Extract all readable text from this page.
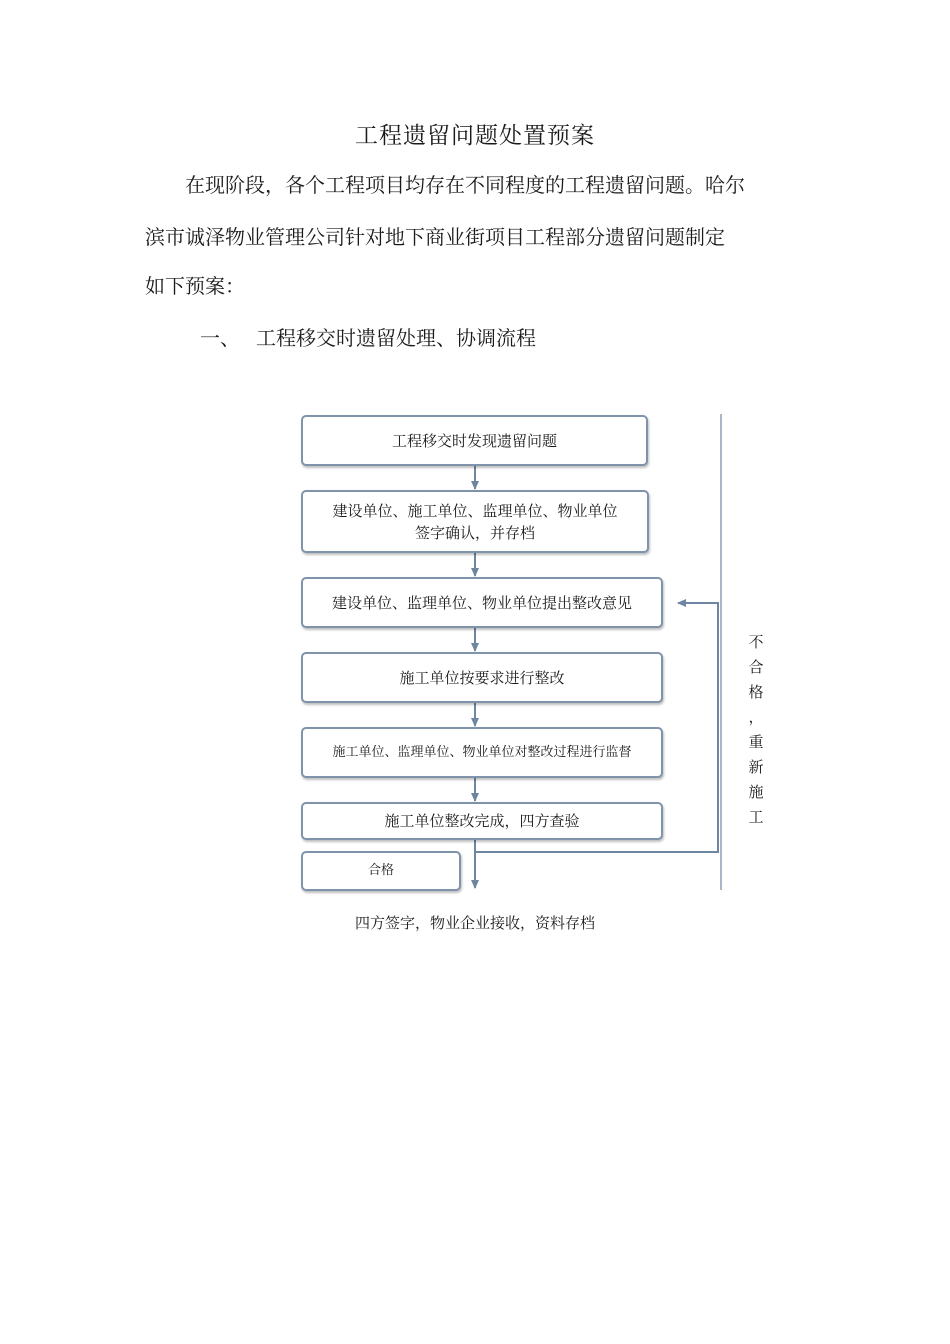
工程遗留问题处置预案
　　在现阶段，各个工程项目均存在不同程度的工程遗留问题。哈尔
滨市诚泽物业管理公司针对地下商业街项目工程部分遗留问题制定
如下预案：
一、 工程移交时遗留处理、协调流程
工程移交时发现遗留问题
建设单位、施工单位、监理单位、物业单位
签字确认，并存档
建设单位、监理单位、物业单位提出整改意见
施工单位按要求进行整改
施工单位、监理单位、物业单位对整改过程进行监督
施工单位整改完成，四方查验
合格
不
合
格
，
重
新
施
工
四方签字，物业企业接收，资料存档
